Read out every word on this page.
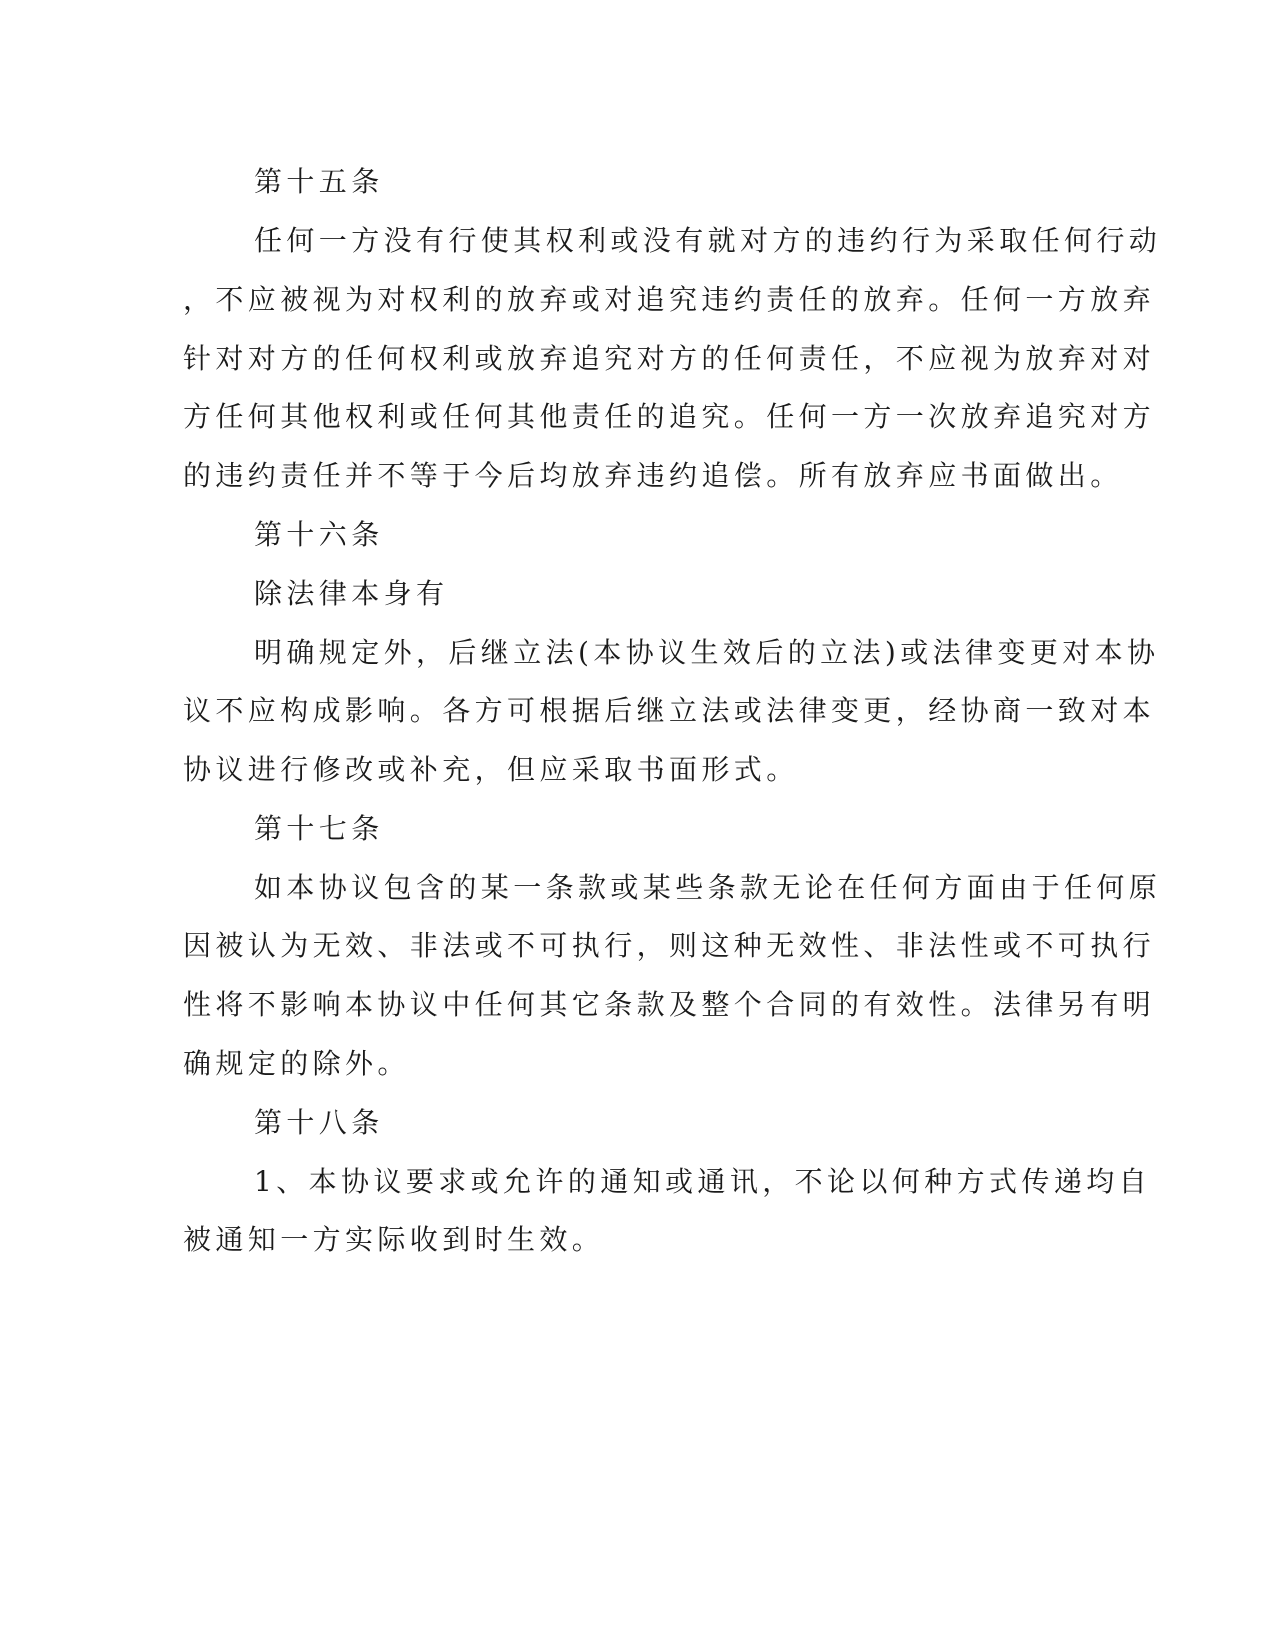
第十五条
任何一方没有行使其权利或没有就对方的违约行为采取任何行动
，不应被视为对权利的放弃或对追究违约责任的放弃。任何一方放弃
针对对方的任何权利或放弃追究对方的任何责任，不应视为放弃对对
方任何其他权利或任何其他责任的追究。任何一方一次放弃追究对方
的违约责任并不等于今后均放弃违约追偿。所有放弃应书面做出。
第十六条
除法律本身有
明确规定外，后继立法(本协议生效后的立法)或法律变更对本协
议不应构成影响。各方可根据后继立法或法律变更，经协商一致对本
协议进行修改或补充，但应采取书面形式。
第十七条
如本协议包含的某一条款或某些条款无论在任何方面由于任何原
因被认为无效、非法或不可执行，则这种无效性、非法性或不可执行
性将不影响本协议中任何其它条款及整个合同的有效性。法律另有明
确规定的除外。
第十八条
1、本协议要求或允许的通知或通讯，不论以何种方式传递均自
被通知一方实际收到时生效。
